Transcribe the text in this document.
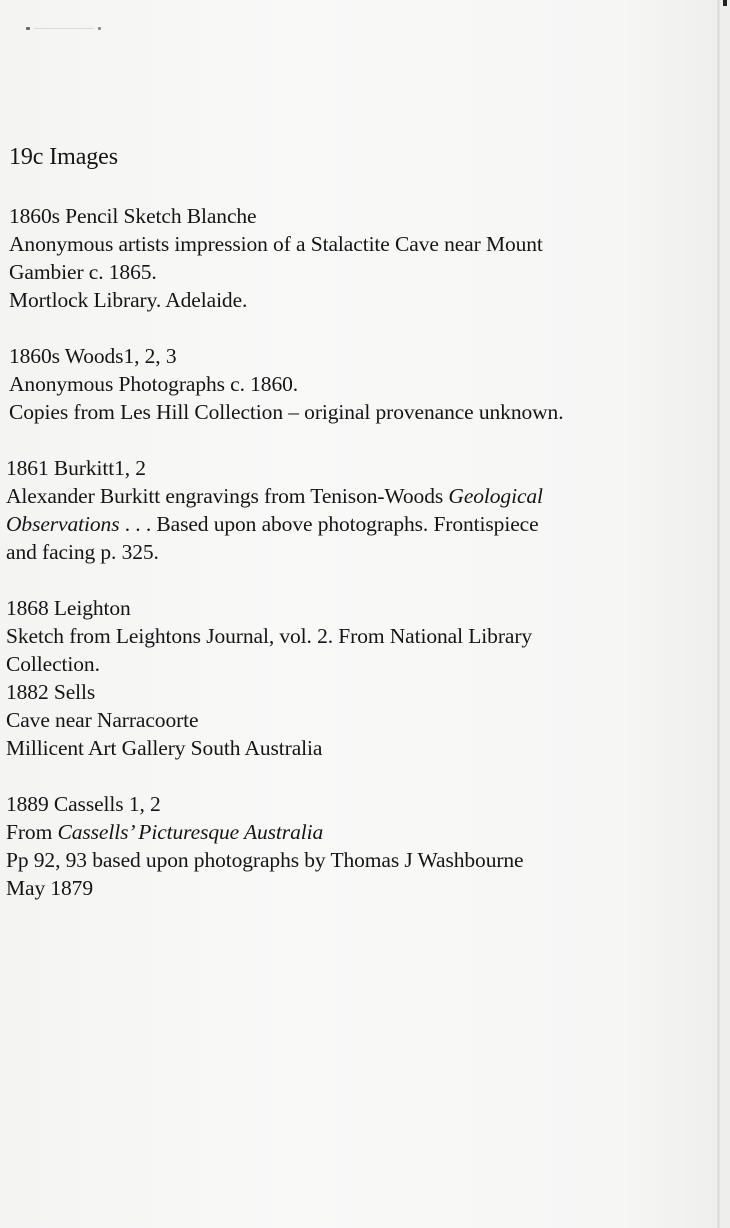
19c Images
1860s Pencil Sketch Blanche
Anonymous artists impression of a Stalactite Cave near Mount
Gambier c. 1865.
Mortlock Library. Adelaide.
1860s Woods1, 2, 3
Anonymous Photographs c. 1860.
Copies from Les Hill Collection – original provenance unknown.
1861 Burkitt1, 2
Alexander Burkitt engravings from Tenison-Woods Geological
Observations . . . Based upon above photographs. Frontispiece
and facing p. 325.
1868 Leighton
Sketch from Leightons Journal, vol. 2. From National Library
Collection.
1882 Sells
Cave near Narracoorte
Millicent Art Gallery South Australia
1889 Cassells 1, 2
From Cassells’ Picturesque Australia
Pp 92, 93 based upon photographs by Thomas J Washbourne
May 1879
